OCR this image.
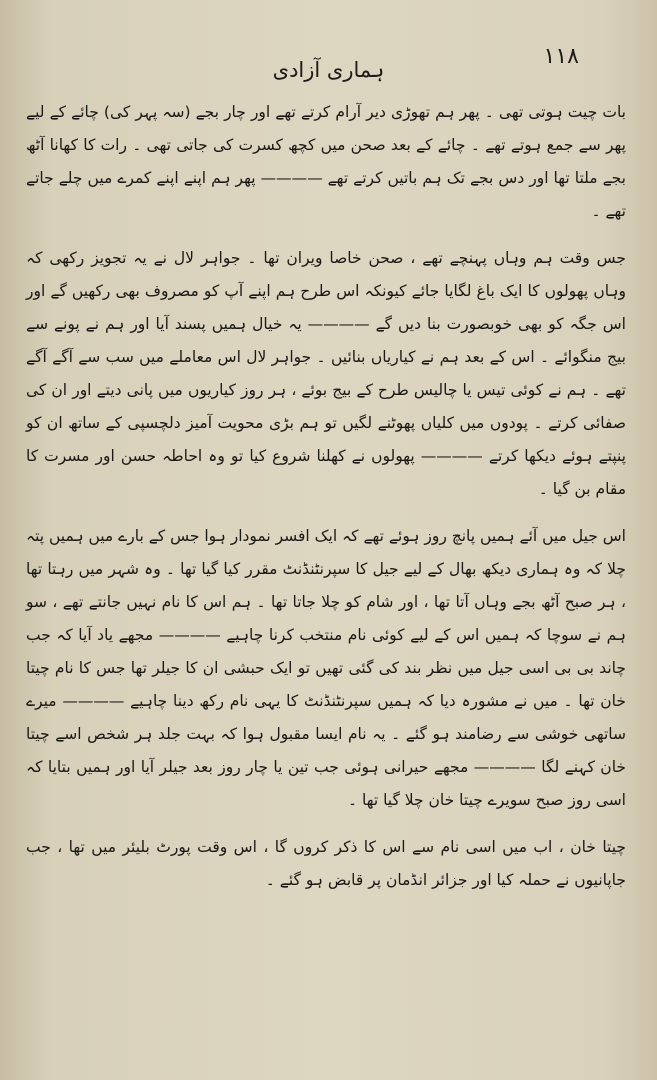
۱۱۸
ہماری آزادی

بات چیت ہوتی تھی ۔ پھر ہم تھوڑی دیر آرام کرتے تھے اور چار بجے (سہ پہر کی) چائے کے لیے پھر سے جمع ہوتے تھے ۔ چائے کے بعد صحن میں کچھ کسرت کی جاتی تھی ۔ رات کا کھانا آٹھ بجے ملتا تھا اور دس بجے تک ہم باتیں کرتے تھے ———— پھر ہم اپنے اپنے کمرے میں چلے جاتے تھے ۔

جس وقت ہم وہاں پہنچے تھے ، صحن خاصا ویران تھا ۔ جواہر لال نے یہ تجویز رکھی کہ وہاں پھولوں کا ایک باغ لگایا جائے کیونکہ اس طرح ہم اپنے آپ کو مصروف بھی رکھیں گے اور اس جگہ کو بھی خوبصورت بنا دیں گے ———— یہ خیال ہمیں پسند آیا اور ہم نے پونے سے بیج منگوائے ۔ اس کے بعد ہم نے کیاریاں بنائیں ۔ جواہر لال اس معاملے میں سب سے آگے آگے تھے ۔ ہم نے کوئی تیس یا چالیس طرح کے بیج بوئے ، ہر روز کیاریوں میں پانی دیتے اور ان کی صفائی کرتے ۔ پودوں میں کلیاں پھوٹنے لگیں تو ہم بڑی محویت آمیز دلچسپی کے ساتھ ان کو پنپتے ہوئے دیکھا کرتے ———— پھولوں نے کھلنا شروع کیا تو وہ احاطہ حسن اور مسرت کا مقام بن گیا ۔

اس جیل میں آئے ہمیں پانچ روز ہوئے تھے کہ ایک افسر نمودار ہوا جس کے بارے میں ہمیں پتہ چلا کہ وہ ہماری دیکھ بھال کے لیے جیل کا سپرنٹنڈنٹ مقرر کیا گیا تھا ۔ وہ شہر میں رہتا تھا ، ہر صبح آٹھ بجے وہاں آتا تھا ، اور شام کو چلا جاتا تھا ۔ ہم اس کا نام نہیں جانتے تھے ، سو ہم نے سوچا کہ ہمیں اس کے لیے کوئی نام منتخب کرنا چاہیے ———— مجھے یاد آیا کہ جب چاند بی بی اسی جیل میں نظر بند کی گئی تھیں تو ایک حبشی ان کا جیلر تھا جس کا نام چیتا خان تھا ۔ میں نے مشورہ دیا کہ ہمیں سپرنٹنڈنٹ کا یہی نام رکھ دینا چاہیے ———— میرے ساتھی خوشی سے رضامند ہو گئے ۔ یہ نام ایسا مقبول ہوا کہ بہت جلد ہر شخص اسے چیتا خان کہنے لگا ———— مجھے حیرانی ہوئی جب تین یا چار روز بعد جیلر آیا اور ہمیں بتایا کہ اسی روز صبح سویرے چیتا خان چلا گیا تھا ۔

چیتا خان ، اب میں اسی نام سے اس کا ذکر کروں گا ، اس وقت پورٹ بلیئر میں تھا ، جب جاپانیوں نے حملہ کیا اور جزائر انڈمان پر قابض ہو گئے ۔
